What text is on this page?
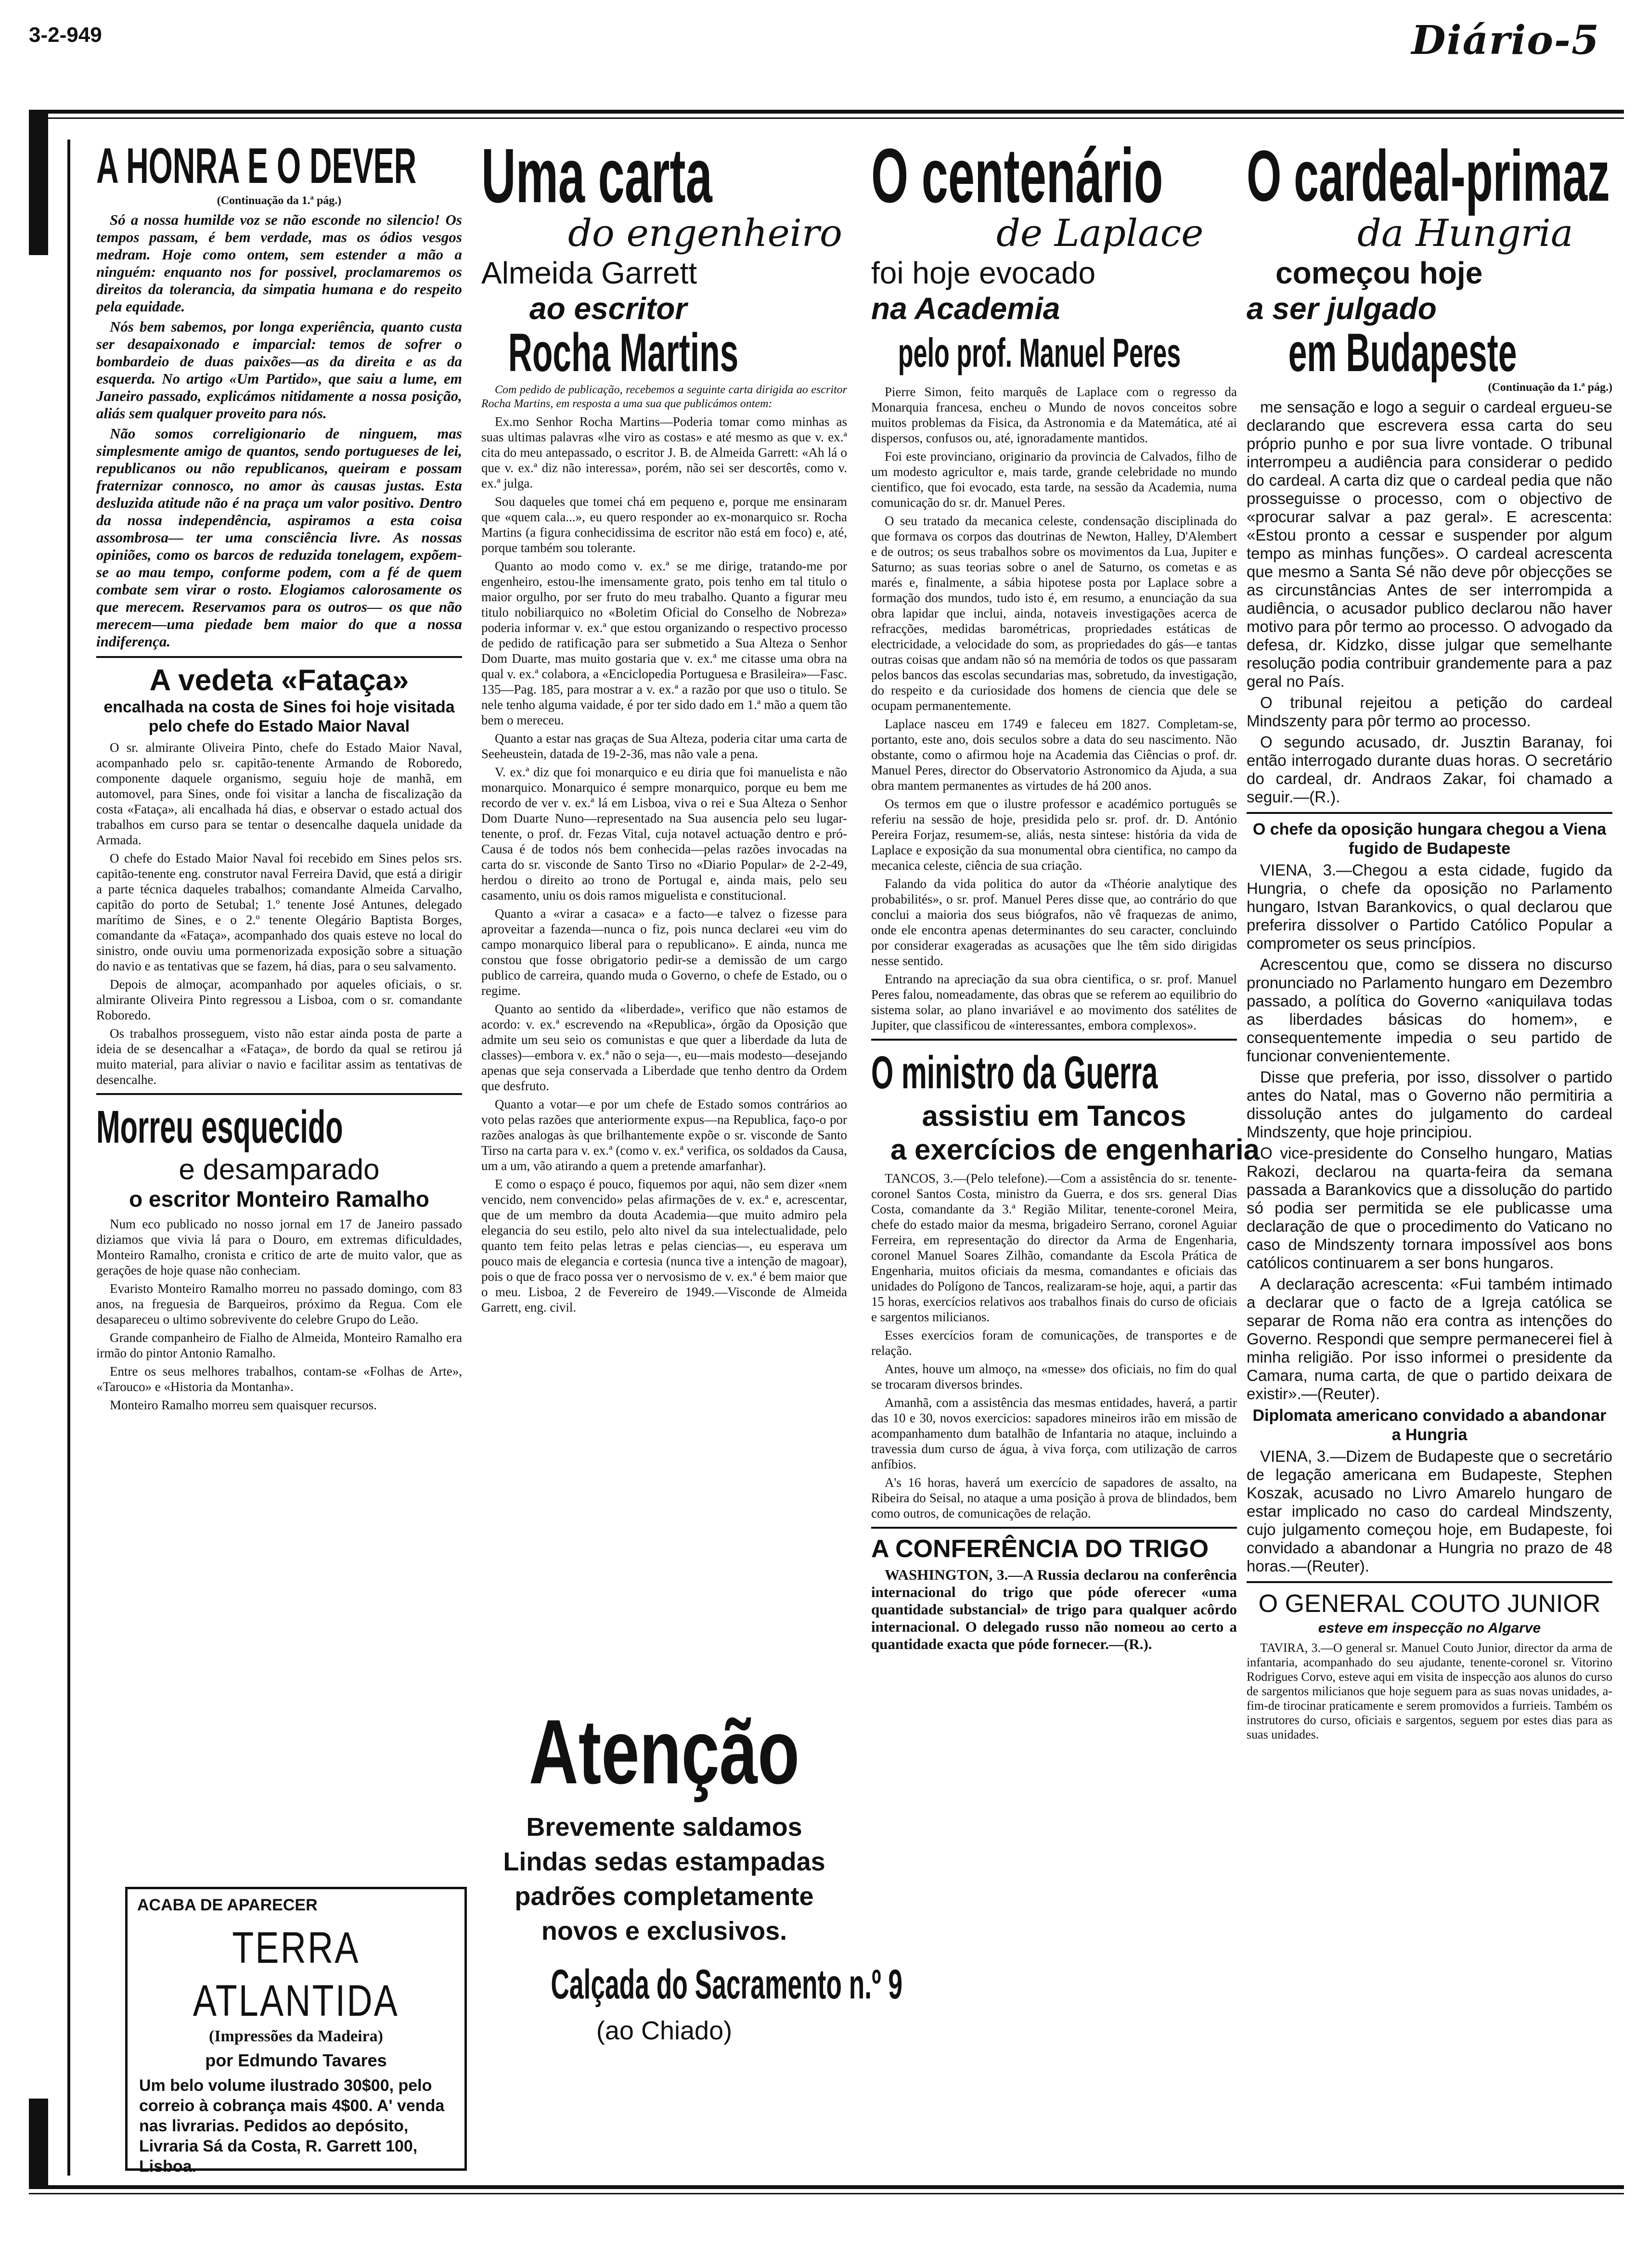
3-2-949	Diário-5
A HONRA E O DEVER
(Continuação da 1.ª pág.)

Só a nossa humilde voz se não esconde no silencio! Os tempos passam, é bem verdade, mas os ódios vesgos medram. Hoje como ontem, sem estender a mão a ninguém: enquanto nos for possivel, proclamaremos os direitos da tolerancia, da simpatia humana e do respeito pela equidade.

Nós bem sabemos, por longa experiência, quanto custa ser desapaixonado e imparcial: temos de sofrer o bombardeio de duas paixões—as da direita e as da esquerda. No artigo «Um Partido», que saiu a lume, em Janeiro passado, explicámos nitidamente a nossa posição, aliás sem qualquer proveito para nós.

Não somos correligionario de ninguem, mas simplesmente amigo de quantos, sendo portugueses de lei, republicanos ou não republicanos, queiram e possam fraternizar connosco, no amor às causas justas. Esta desluzida atitude não é na praça um valor positivo. Dentro da nossa independência, aspiramos a esta coisa assombrosa— ter uma consciência livre. As nossas opiniões, como os barcos de reduzida tonelagem, expõem-se ao mau tempo, conforme podem, com a fé de quem combate sem virar o rosto. Elogiamos calorosamente os que merecem. Reservamos para os outros— os que não merecem—uma piedade bem maior do que a nossa indiferença.

A vedeta «Fataça»
encalhada na costa de Sines foi hoje visitada pelo chefe do Estado Maior Naval

O sr. almirante Oliveira Pinto, chefe do Estado Maior Naval, acompanhado pelo sr. capitão-tenente Armando de Roboredo, componente daquele organismo, seguiu hoje de manhã, em automovel, para Sines, onde foi visitar a lancha de fiscalização da costa «Fataça», ali encalhada há dias, e observar o estado actual dos trabalhos em curso para se tentar o desencalhe daquela unidade da Armada.

O chefe do Estado Maior Naval foi recebido em Sines pelos srs. capitão-tenente eng. construtor naval Ferreira David, que está a dirigir a parte técnica daqueles trabalhos; comandante Almeida Carvalho, capitão do porto de Setubal; 1.º tenente José Antunes, delegado marítimo de Sines, e o 2.º tenente Olegário Baptista Borges, comandante da «Fataça», acompanhado dos quais esteve no local do sinistro, onde ouviu uma pormenorizada exposição sobre a situação do navio e as tentativas que se fazem, há dias, para o seu salvamento.

Depois de almoçar, acompanhado por aqueles oficiais, o sr. almirante Oliveira Pinto regressou a Lisboa, com o sr. comandante Roboredo.

Os trabalhos prosseguem, visto não estar ainda posta de parte a ideia de se desencalhar a «Fataça», de bordo da qual se retirou já muito material, para aliviar o navio e facilitar assim as tentativas de desencalhe.

Morreu esquecido
e desamparado
o escritor Monteiro Ramalho

Num eco publicado no nosso jornal em 17 de Janeiro passado diziamos que vivia lá para o Douro, em extremas dificuldades, Monteiro Ramalho, cronista e critico de arte de muito valor, que as gerações de hoje quase não conheciam.

Evaristo Monteiro Ramalho morreu no passado domingo, com 83 anos, na freguesia de Barqueiros, próximo da Regua. Com ele desapareceu o ultimo sobrevivente do celebre Grupo do Leão.

Grande companheiro de Fialho de Almeida, Monteiro Ramalho era irmão do pintor Antonio Ramalho.

Entre os seus melhores trabalhos, contam-se «Folhas de Arte», «Tarouco» e «Historia da Montanha».

Monteiro Ramalho morreu sem quaisquer recursos.

ACABA DE APARECER
TERRA ATLANTIDA
(Impressões da Madeira)
por Edmundo Tavares
Um belo volume ilustrado 30$00, pelo correio à cobrança mais 4$00. A' venda nas livrarias. Pedidos ao depósito, Livraria Sá da Costa, R. Garrett 100, Lisboa.
Uma carta
do engenheiro
Almeida Garrett
ao escritor
Rocha Martins

Com pedido de publicação, recebemos a seguinte carta dirigida ao escritor Rocha Martins, em resposta a uma sua que publicámos ontem:

Ex.mo Senhor Rocha Martins—Poderia tomar como minhas as suas ultimas palavras «lhe viro as costas» e até mesmo as que v. ex.ª cita do meu antepassado, o escritor J. B. de Almeida Garrett: «Ah lá o que v. ex.ª diz não interessa», porém, não sei ser descortês, como v. ex.ª julga.

Sou daqueles que tomei chá em pequeno e, porque me ensinaram que «quem cala...», eu quero responder ao ex-monarquico sr. Rocha Martins (a figura conhecidissima de escritor não está em foco) e, até, porque também sou tolerante.

Quanto ao modo como v. ex.ª se me dirige, tratando-me por engenheiro, estou-lhe imensamente grato, pois tenho em tal titulo o maior orgulho, por ser fruto do meu trabalho. Quanto a figurar meu titulo nobiliarquico no «Boletim Oficial do Conselho de Nobreza» poderia informar v. ex.ª que estou organizando o respectivo processo de pedido de ratificação para ser submetido a Sua Alteza o Senhor Dom Duarte, mas muito gostaria que v. ex.ª me citasse uma obra na qual v. ex.ª colabora, a «Enciclopedia Portuguesa e Brasileira»—Fasc. 135—Pag. 185, para mostrar a v. ex.ª a razão por que uso o titulo. Se nele tenho alguma vaidade, é por ter sido dado em 1.ª mão a quem tão bem o mereceu.

Quanto a estar nas graças de Sua Alteza, poderia citar uma carta de Seeheustein, datada de 19-2-36, mas não vale a pena.

V. ex.ª diz que foi monarquico e eu diria que foi manuelista e não monarquico. Monarquico é sempre monarquico, porque eu bem me recordo de ver v. ex.ª lá em Lisboa, viva o rei e Sua Alteza o Senhor Dom Duarte Nuno—representado na Sua ausencia pelo seu lugar-tenente, o prof. dr. Fezas Vital, cuja notavel actuação dentro e pró-Causa é de todos nós bem conhecida—pelas razões invocadas na carta do sr. visconde de Santo Tirso no «Diario Popular» de 2-2-49, herdou o direito ao trono de Portugal e, ainda mais, pelo seu casamento, uniu os dois ramos miguelista e constitucional.

Quanto a «virar a casaca» e a facto—e talvez o fizesse para aproveitar a fazenda—nunca o fiz, pois nunca declarei «eu vim do campo monarquico liberal para o republicano». E ainda, nunca me constou que fosse obrigatorio pedir-se a demissão de um cargo publico de carreira, quando muda o Governo, o chefe de Estado, ou o regime.

Quanto ao sentido da «liberdade», verifico que não estamos de acordo: v. ex.ª escrevendo na «Republica», órgão da Oposição que admite um seu seio os comunistas e que quer a liberdade da luta de classes)—embora v. ex.ª não o seja—, eu—mais modesto—desejando apenas que seja conservada a Liberdade que tenho dentro da Ordem que desfruto.

Quanto a votar—e por um chefe de Estado somos contrários ao voto pelas razões que anteriormente expus—na Republica, faço-o por razões analogas às que brilhantemente expõe o sr. visconde de Santo Tirso na carta para v. ex.ª (como v. ex.ª verifica, os soldados da Causa, um a um, vão atirando a quem a pretende amarfanhar).

E como o espaço é pouco, fiquemos por aqui, não sem dizer «nem vencido, nem convencido» pelas afirmações de v. ex.ª e, acrescentar, que de um membro da douta Academia—que muito admiro pela elegancia do seu estilo, pelo alto nivel da sua intelectualidade, pelo quanto tem feito pelas letras e pelas ciencias—, eu esperava um pouco mais de elegancia e cortesia (nunca tive a intenção de magoar), pois o que de fraco possa ver o nervosismo de v. ex.ª é bem maior que o meu. Lisboa, 2 de Fevereiro de 1949.—Visconde de Almeida Garrett, eng. civil.

Atenção
Brevemente saldamos Lindas sedas estampadas padrões completamente novos e exclusivos.
Calçada do Sacramento n.º 9
(ao Chiado)
O centenário
de Laplace
foi hoje evocado
na Academia
pelo prof. Manuel Peres

Pierre Simon, feito marquês de Laplace com o regresso da Monarquia francesa, encheu o Mundo de novos conceitos sobre muitos problemas da Fisica, da Astronomia e da Matemática, até ai dispersos, confusos ou, até, ignoradamente mantidos.

Foi este provinciano, originario da provincia de Calvados, filho de um modesto agricultor e, mais tarde, grande celebridade no mundo cientifico, que foi evocado, esta tarde, na sessão da Academia, numa comunicação do sr. dr. Manuel Peres.

O seu tratado da mecanica celeste, condensação disciplinada do que formava os corpos das doutrinas de Newton, Halley, D'Alembert e de outros; os seus trabalhos sobre os movimentos da Lua, Jupiter e Saturno; as suas teorias sobre o anel de Saturno, os cometas e as marés e, finalmente, a sábia hipotese posta por Laplace sobre a formação dos mundos, tudo isto é, em resumo, a enunciação da sua obra lapidar que inclui, ainda, notaveis investigações acerca de refracções, medidas barométricas, propriedades estáticas de electricidade, a velocidade do som, as propriedades do gás—e tantas outras coisas que andam não só na memória de todos os que passaram pelos bancos das escolas secundarias mas, sobretudo, da investigação, do respeito e da curiosidade dos homens de ciencia que dele se ocupam permanentemente.

Laplace nasceu em 1749 e faleceu em 1827. Completam-se, portanto, este ano, dois seculos sobre a data do seu nascimento. Não obstante, como o afirmou hoje na Academia das Ciências o prof. dr. Manuel Peres, director do Observatorio Astronomico da Ajuda, a sua obra mantem permanentes as virtudes de há 200 anos.

Os termos em que o ilustre professor e académico português se referiu na sessão de hoje, presidida pelo sr. prof. dr. D. António Pereira Forjaz, resumem-se, aliás, nesta sintese: história da vida de Laplace e exposição da sua monumental obra cientifica, no campo da mecanica celeste, ciência de sua criação.

Falando da vida politica do autor da «Théorie analytique des probabilités», o sr. prof. Manuel Peres disse que, ao contrário do que conclui a maioria dos seus biógrafos, não vê fraquezas de animo, onde ele encontra apenas determinantes do seu caracter, concluindo por considerar exageradas as acusações que lhe têm sido dirigidas nesse sentido.

Entrando na apreciação da sua obra cientifica, o sr. prof. Manuel Peres falou, nomeadamente, das obras que se referem ao equilibrio do sistema solar, ao plano invariável e ao movimento dos satélites de Jupiter, que classificou de «interessantes, embora complexos».

O ministro da Guerra
assistiu em Tancos
a exercícios de engenharia

TANCOS, 3.—(Pelo telefone).—Com a assistência do sr. tenente-coronel Santos Costa, ministro da Guerra, e dos srs. general Dias Costa, comandante da 3.ª Região Militar, tenente-coronel Meira, chefe do estado maior da mesma, brigadeiro Serrano, coronel Aguiar Ferreira, em representação do director da Arma de Engenharia, coronel Manuel Soares Zilhão, comandante da Escola Prática de Engenharia, muitos oficiais da mesma, comandantes e oficiais das unidades do Polígono de Tancos, realizaram-se hoje, aqui, a partir das 15 horas, exercícios relativos aos trabalhos finais do curso de oficiais e sargentos milicianos.

Esses exercícios foram de comunicações, de transportes e de relação.

Antes, houve um almoço, na «messe» dos oficiais, no fim do qual se trocaram diversos brindes.

Amanhã, com a assistência das mesmas entidades, haverá, a partir das 10 e 30, novos exercicios: sapadores mineiros irão em missão de acompanhamento dum batalhão de Infantaria no ataque, incluindo a travessia dum curso de água, à viva força, com utilização de carros anfíbios.

A's 16 horas, haverá um exercício de sapadores de assalto, na Ribeira do Seisal, no ataque a uma posição à prova de blindados, bem como outros, de comunicações de relação.

A CONFERÊNCIA DO TRIGO

WASHINGTON, 3.—A Russia declarou na conferência internacional do trigo que póde oferecer «uma quantidade substancial» de trigo para qualquer acôrdo internacional. O delegado russo não nomeou ao certo a quantidade exacta que póde fornecer.—(R.).

O cardeal-primaz
da Hungria
começou hoje
a ser julgado
em Budapeste
(Continuação da 1.ª pág.)

me sensação e logo a seguir o cardeal ergueu-se declarando que escrevera essa carta do seu próprio punho e por sua livre vontade. O tribunal interrompeu a audiência para considerar o pedido do cardeal. A carta diz que o cardeal pedia que não prosseguisse o processo, com o objectivo de «procurar salvar a paz geral». E acrescenta: «Estou pronto a cessar e suspender por algum tempo as minhas funções». O cardeal acrescenta que mesmo a Santa Sé não deve pôr objecções se as circunstâncias Antes de ser interrompida a audiência, o acusador publico declarou não haver motivo para pôr termo ao processo. O advogado da defesa, dr. Kidzko, disse julgar que semelhante resolução podia contribuir grandemente para a paz geral no País.

O tribunal rejeitou a petição do cardeal Mindszenty para pôr termo ao processo.

O segundo acusado, dr. Jusztin Baranay, foi então interrogado durante duas horas. O secretário do cardeal, dr. Andraos Zakar, foi chamado a seguir.—(R.).

O chefe da oposição hungara chegou a Viena fugido de Budapeste

VIENA, 3.—Chegou a esta cidade, fugido da Hungria, o chefe da oposição no Parlamento hungaro, Istvan Barankovics, o qual declarou que preferira dissolver o Partido Católico Popular a comprometer os seus princípios.

Acrescentou que, como se dissera no discurso pronunciado no Parlamento hungaro em Dezembro passado, a política do Governo «aniquilava todas as liberdades básicas do homem», e consequentemente impedia o seu partido de funcionar convenientemente.

Disse que preferia, por isso, dissolver o partido antes do Natal, mas o Governo não permitiria a dissolução antes do julgamento do cardeal Mindszenty, que hoje principiou.

O vice-presidente do Conselho hungaro, Matias Rakozi, declarou na quarta-feira da semana passada a Barankovics que a dissolução do partido só podia ser permitida se ele publicasse uma declaração de que o procedimento do Vaticano no caso de Mindszenty tornara impossível aos bons católicos continuarem a ser bons hungaros.

A declaração acrescenta: «Fui também intimado a declarar que o facto de a Igreja católica se separar de Roma não era contra as intenções do Governo. Respondi que sempre permanecerei fiel à minha religião. Por isso informei o presidente da Camara, numa carta, de que o partido deixara de existir».—(Reuter).

Diplomata americano convidado a abandonar a Hungria

VIENA, 3.—Dizem de Budapeste que o secretário de legação americana em Budapeste, Stephen Koszak, acusado no Livro Amarelo hungaro de estar implicado no caso do cardeal Mindszenty, cujo julgamento começou hoje, em Budapeste, foi convidado a abandonar a Hungria no prazo de 48 horas.—(Reuter).

O GENERAL COUTO JUNIOR
esteve em inspecção no Algarve

TAVIRA, 3.—O general sr. Manuel Couto Junior, director da arma de infantaria, acompanhado do seu ajudante, tenente-coronel sr. Vitorino Rodrigues Corvo, esteve aqui em visita de inspecção aos alunos do curso de sargentos milicianos que hoje seguem para as suas novas unidades, a-fim-de tirocinar praticamente e serem promovidos a furrieis. Também os instrutores do curso, oficiais e sargentos, seguem por estes dias para as suas unidades.
